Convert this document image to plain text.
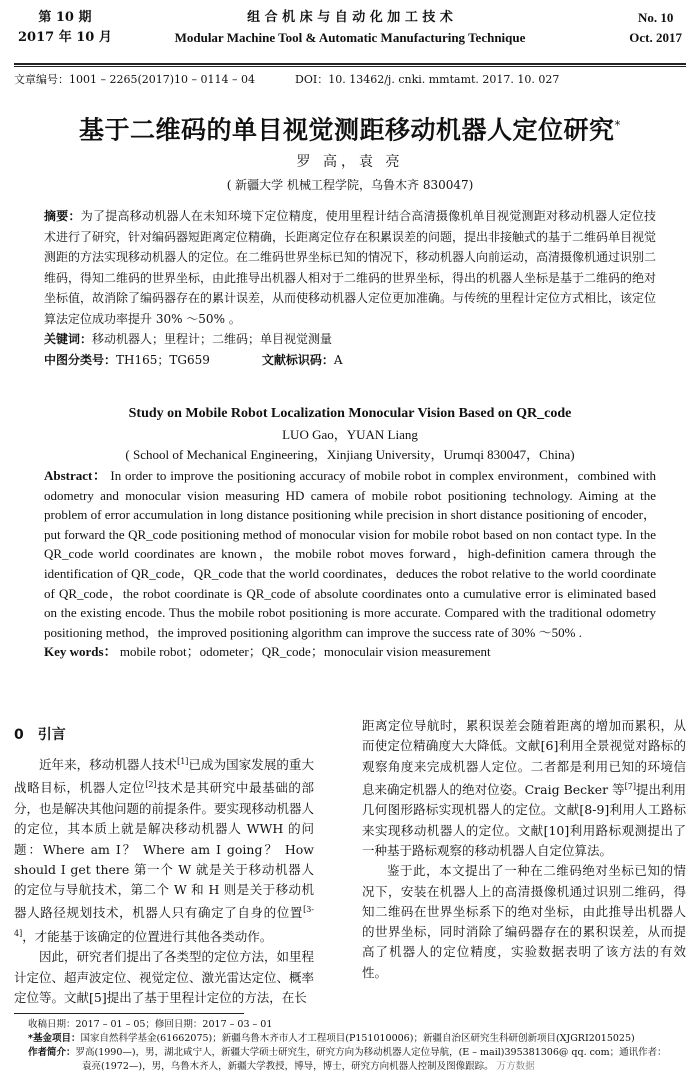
第 10 期
2017 年 10 月
组 合 机 床 与 自 动 化 加 工 技 术
Modular Machine Tool & Automatic Manufacturing Technique
No. 10
Oct. 2017
文章编号：1001 – 2265(2017)10 – 0114 – 04	DOI：10. 13462/j. cnki. mmtamt. 2017. 10. 027
基于二维码的单目视觉测距移动机器人定位研究*
罗 高，袁 亮
( 新疆大学 机械工程学院，乌鲁木齐 830047)
摘要：为了提高移动机器人在未知环境下定位精度，使用里程计结合高清摄像机单目视觉测距对移动机器人定位技术进行了研究，针对编码器短距离定位精确，长距离定位存在积累误差的问题，提出非接触式的基于二维码单目视觉测距的方法实现移动机器人的定位。在二维码世界坐标已知的情况下，移动机器人向前运动，高清摄像机通过识别二维码，得知二维码的世界坐标，由此推导出机器人相对于二维码的世界坐标，得出的机器人坐标是基于二维码的绝对坐标值，故消除了编码器存在的累计误差，从而使移动机器人定位更加准确。与传统的里程计定位方式相比，该定位算法定位成功率提升 30% ～50% 。
关键词：移动机器人；里程计；二维码；单目视觉测量
中图分类号：TH165；TG659	文献标识码：A
Study on Mobile Robot Localization Monocular Vision Based on QR_code
LUO Gao，YUAN Liang
( School of Mechanical Engineering，Xinjiang University，Urumqi 830047，China)
Abstract： In order to improve the positioning accuracy of mobile robot in complex environment，combined with odometry and monocular vision measuring HD camera of mobile robot positioning technology. Aiming at the problem of error accumulation in long distance positioning while precision in short distance positioning of encoder，put forward the QR_code positioning method of monocular vision for mobile robot based on non contact type. In the QR_code world coordinates are known，the mobile robot moves forward，high-definition camera through the identification of QR_code，QR_code that the world coordinates，deduces the robot relative to the world coordinate of QR_code，the robot coordinate is QR_code of absolute coordinates onto a cumulative error is eliminated based on the existing encode. Thus the mobile robot positioning is more accurate. Compared with the traditional odometry positioning method，the improved positioning algorithm can improve the success rate of 30% ～50% .
Key words： mobile robot；odometer；QR_code；monoculair vision measurement
0 引言

近年来，移动机器人技术[1]已成为国家发展的重大战略目标，机器人定位[2]技术是其研究中最基础的部分，也是解决其他问题的前提条件。要实现移动机器人的定位，其本质上就是解决移动机器人 WWH 的问题：Where am I？ Where am I going？ How should I get there 第一个 W 就是关于移动机器人的定位与导航技术，第二个 W 和 H 则是关于移动机器人路径规划技术，机器人只有确定了自身的位置[3-4]，才能基于该确定的位置进行其他各类动作。

因此，研究者们提出了各类型的定位方法，如里程计定位、超声波定位、视觉定位、激光雷达定位、概率定位等。文献[5]提出了基于里程计定位的方法，在长

距离定位导航时，累积误差会随着距离的增加而累积，从而使定位精确度大大降低。文献[6]利用全景视觉对路标的观察角度来完成机器人定位。二者都是利用已知的环境信息来确定机器人的绝对位姿。Craig Becker 等[7]提出利用几何图形路标实现机器人的定位。文献[8-9]利用人工路标来实现移动机器人的定位。文献[10]利用路标观测提出了一种基于路标观察的移动机器人自定位算法。

鉴于此，本文提出了一种在二维码绝对坐标已知的情况下，安装在机器人上的高清摄像机通过识别二维码，得知二维码在世界坐标系下的绝对坐标，由此推导出机器人的世界坐标，同时消除了编码器存在的累积误差，从而提高了机器人的定位精度，实验数据表明了该方法的有效性。

收稿日期：2017 – 01 – 05；修回日期：2017 – 03 – 01
*基金项目：国家自然科学基金(61662075)；新疆乌鲁木齐市人才工程项目(P151010006)；新疆自治区研究生科研创新项目(XJGRI2015025)
作者简介：罗高(1990—)，男，湖北咸宁人，新疆大学硕士研究生，研究方向为移动机器人定位导航，(E – mail)395381306@ qq. com；通讯作者：
袁亮(1972—)，男，乌鲁木齐人，新疆大学教授，博导，博士，研究方向机器人控制及图像跟踪。 万方数据
